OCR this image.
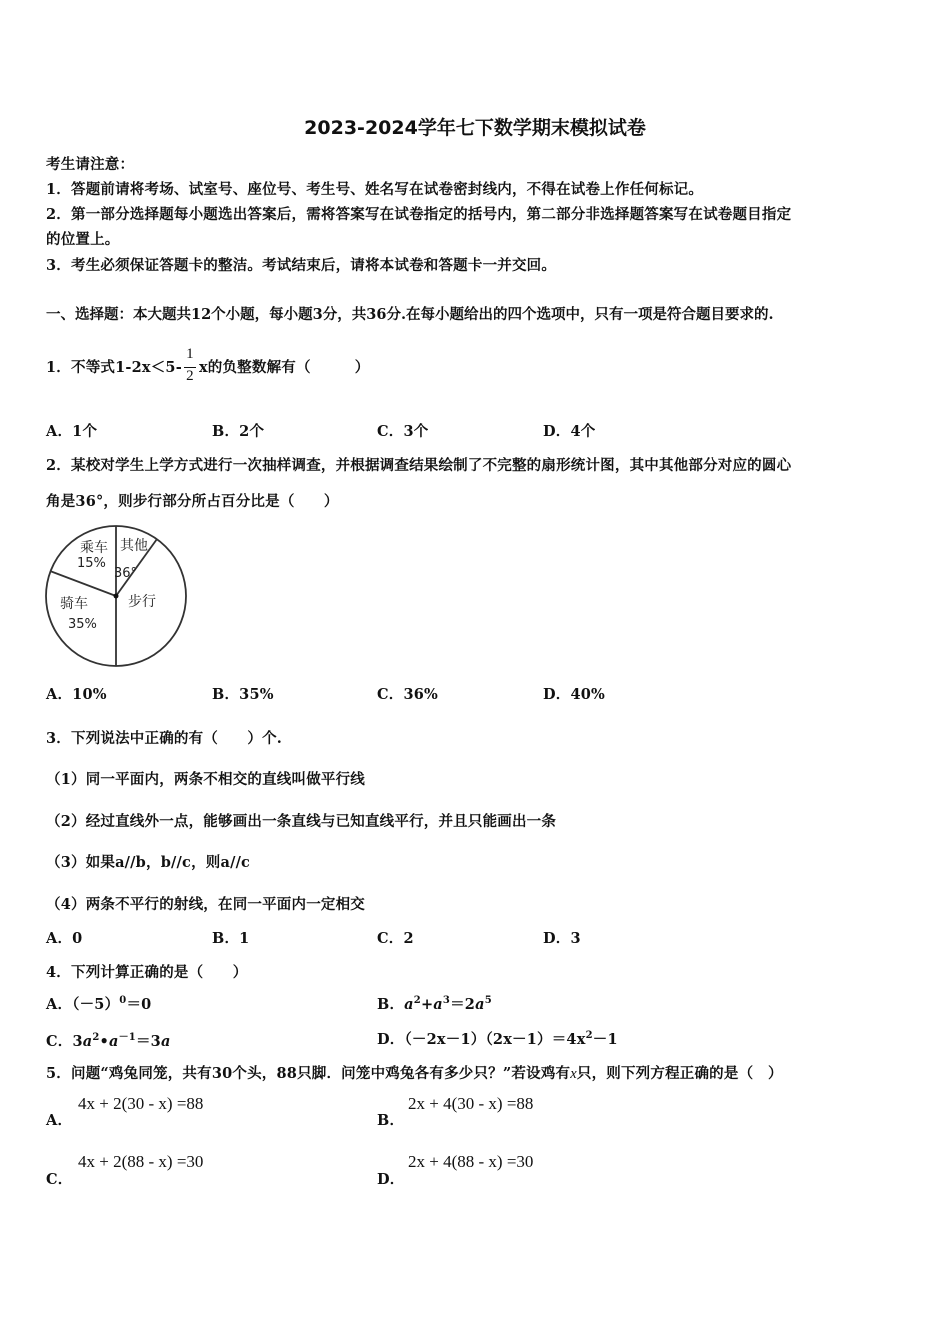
2023-2024学年七下数学期末模拟试卷
考生请注意：
1．答题前请将考场、试室号、座位号、考生号、姓名写在试卷密封线内，不得在试卷上作任何标记。
2．第一部分选择题每小题选出答案后，需将答案写在试卷指定的括号内，第二部分非选择题答案写在试卷题目指定
的位置上。
3．考生必须保证答题卡的整洁。考试结束后，请将本试卷和答题卡一并交回。
一、选择题：本大题共12个小题，每小题3分，共36分.在每小题给出的四个选项中，只有一项是符合题目要求的.
1．不等式$1-2x<5- \frac{1}{2}$ x的负整数解有（　　　）
A．1个	B．2个	C．3个	D．4个
2．某校对学生上学方式进行一次抽样调查，并根据调查结果绘制了不完整的扇形统计图，其中其他部分对应的圆心
角是36°，则步行部分所占百分比是（　　）
乘车
15%
其他
36°
骑车
35%
步行
A．10%	B．35%	C．36%	D．40%
3．下列说法中正确的有（　　）个.
（1）同一平面内，两条不相交的直线叫做平行线
（2）经过直线外一点，能够画出一条直线与已知直线平行，并且只能画出一条
（3）如果a//b，b//c，则a//c
（4）两条不平行的射线，在同一平面内一定相交
A．0	B．1	C．2	D．3
4．下列计算正确的是（　　）
A．$(-5)^0=0$	B．$a^2+a^3=2a^5$
C．$3a^2•a^{-1}=3a$	D．$(-2x-1)(2x-1)=4x^2-1$
5．问题“鸡兔同笼，共有30个头，88只脚．问笼中鸡兔各有多少只？”若设鸡有x只，则下列方程正确的是（　）
A．
4x + 2(30 - x) =88
B．
2x + 4(30 - x) =88
C．
4x + 2(88 - x) =30
D．
2x + 4(88 - x) =30
